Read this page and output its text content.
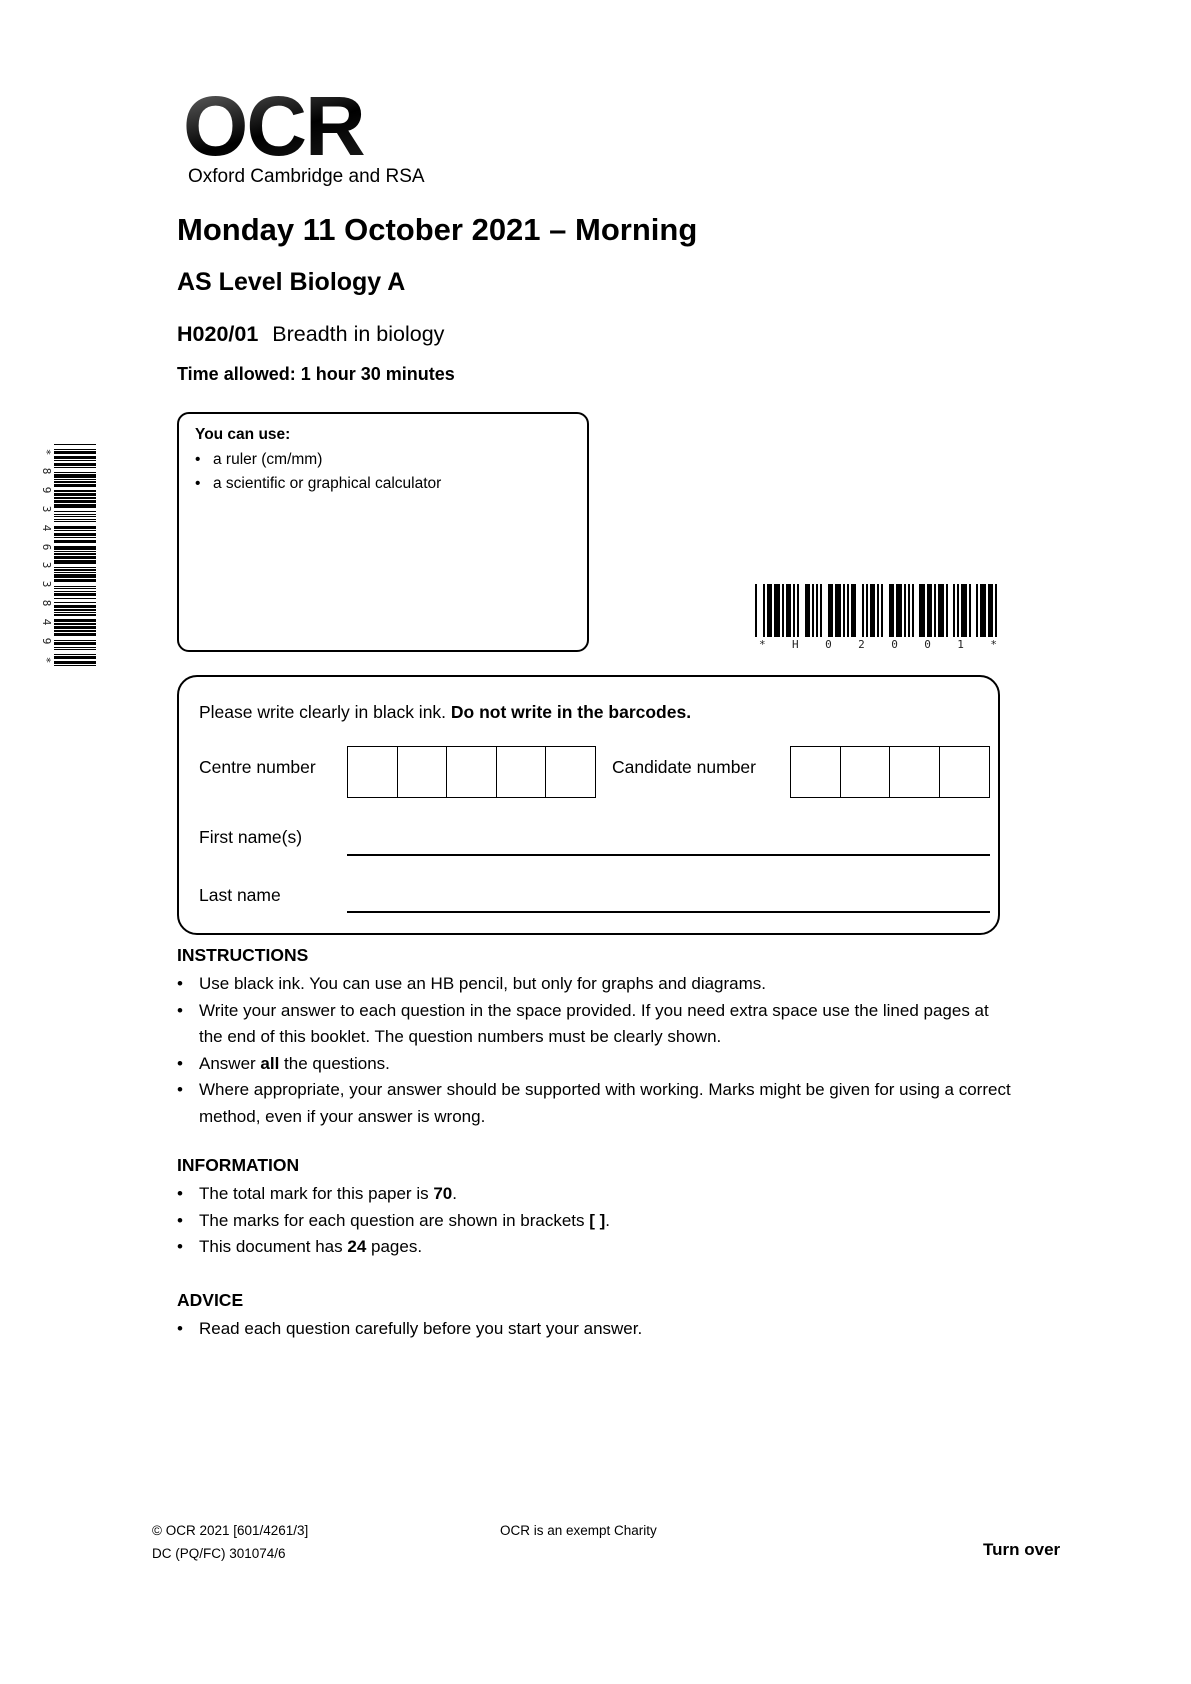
*
8
9
3
4
6
3
3
8
4
9
*
OCR
Oxford Cambridge and RSA
Monday 11 October 2021 – Morning
AS Level Biology A
H020/01 Breadth in biology
Time allowed: 1 hour 30 minutes
You can use:
• a ruler (cm/mm)
• a scientific or graphical calculator
* H 0 2 0 0 1 *
Please write clearly in black ink. Do not write in the barcodes.
Centre number	Candidate number
First name(s)
Last name
INSTRUCTIONS
• Use black ink. You can use an HB pencil, but only for graphs and diagrams.
• Write your answer to each question in the space provided. If you need extra space use the lined pages at the end of this booklet. The question numbers must be clearly shown.
• Answer all the questions.
• Where appropriate, your answer should be supported with working. Marks might be given for using a correct method, even if your answer is wrong.
INFORMATION
• The total mark for this paper is 70.
• The marks for each question are shown in brackets [ ].
• This document has 24 pages.
ADVICE
• Read each question carefully before you start your answer.
© OCR 2021 [601/4261/3]
DC (PQ/FC) 301074/6
OCR is an exempt Charity
Turn over
